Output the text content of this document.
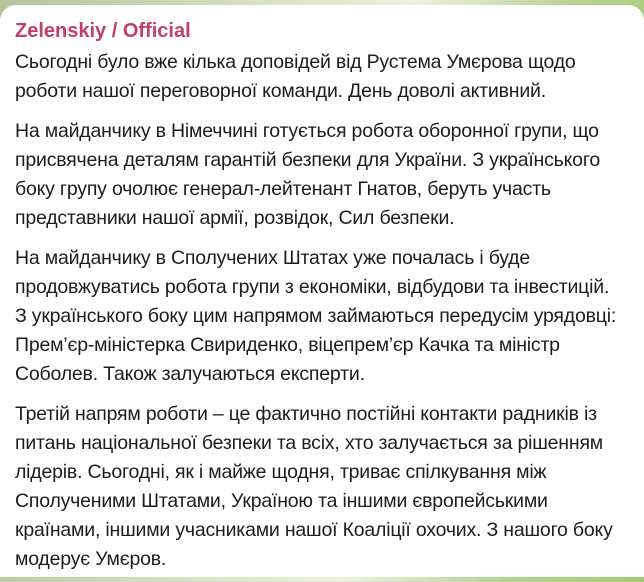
Zelenskiy / Official

Сьогодні було вже кілька доповідей від Рустема Умєрова щодо роботи нашої переговорної команди. День доволі активний.

На майданчику в Німеччині готується робота оборонної групи, що присвячена деталям гарантій безпеки для України. З українського боку групу очолює генерал-лейтенант Гнатов, беруть участь представники нашої армії, розвідок, Сил безпеки.

На майданчику в Сполучених Штатах уже почалась і буде продовжуватись робота групи з економіки, відбудови та інвестицій. З українського боку цим напрямом займаються передусім урядовці: Прем’єр-міністерка Свириденко, віцепрем’єр Качка та міністр Соболев. Також залучаються експерти.

Третій напрям роботи – це фактично постійні контакти радників із питань національної безпеки та всіх, хто залучається за рішенням лідерів. Сьогодні, як і майже щодня, триває спілкування між Сполученими Штатами, Україною та іншими європейськими країнами, іншими учасниками нашої Коаліції охочих. З нашого боку модерує Умєров.
